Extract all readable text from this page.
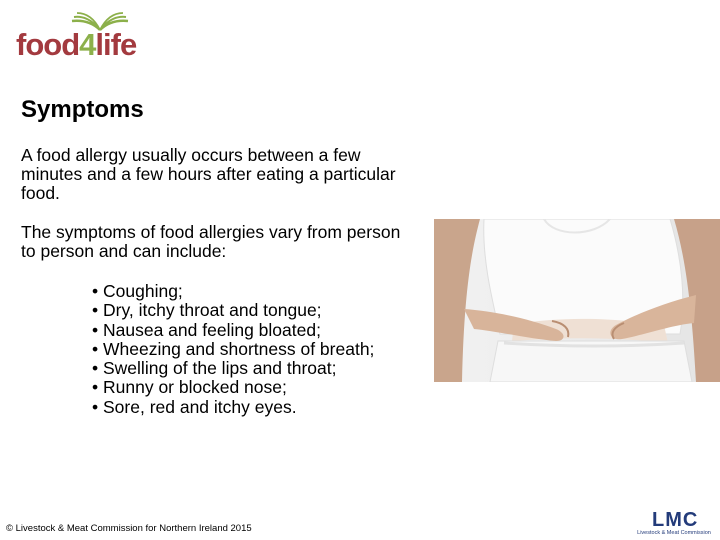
food4life
Symptoms

A food allergy usually occurs between a few
minutes and a few hours after eating a particular
food.

The symptoms of food allergies vary from person
to person and can include:

• Coughing;
• Dry, itchy throat and tongue;
• Nausea and feeling bloated;
• Wheezing and shortness of breath;
• Swelling of the lips and throat;
• Runny or blocked nose;
• Sore, red and itchy eyes.
© Livestock & Meat Commission for Northern Ireland 2015	LMC
Livestock & Meat Commission
